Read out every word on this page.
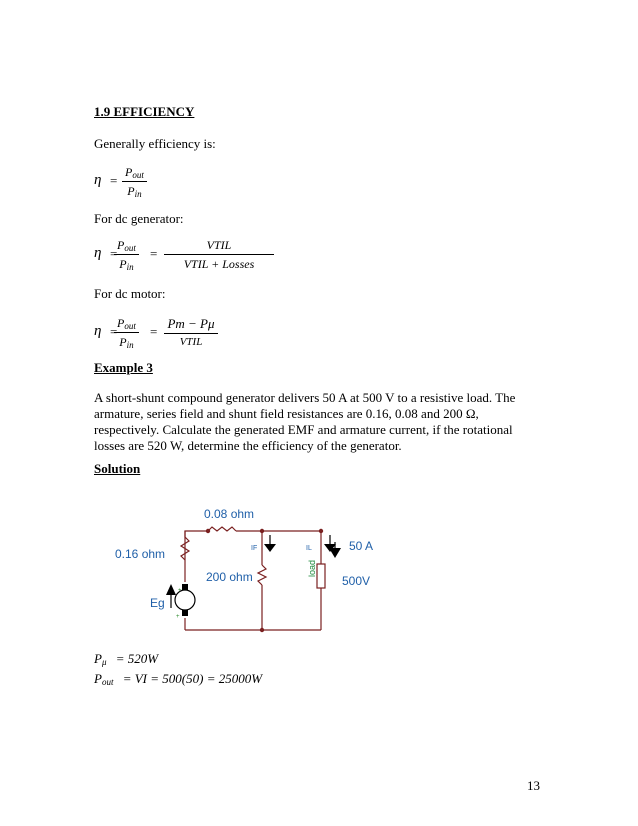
1.9 EFFICIENCY
Generally efficiency is:
η =
$P_{out}$
$P_{in}$
For dc generator:
η =
$P_{out}$
$P_{in}$
=
VTIL
VTIL + Losses
For dc motor:
η =
$P_{out}$
$P_{in}$
=
Pm − Pμ
VTIL
Example 3
A short-shunt compound generator delivers 50 A at 500 V to a resistive load. The armature, series field and shunt field resistances are 0.16, 0.08 and 200 Ω, respectively. Calculate the generated EMF and armature current, if the rotational losses are 520 W, determine the efficiency of the generator.
Solution
+
+
0.08 ohm
0.16 ohm
200 ohm
50 A
500V
IF	IL
Eg
load
$P_\mu = 520W$
$P_{out}$ = VI = 500(50) = 25000W
13
